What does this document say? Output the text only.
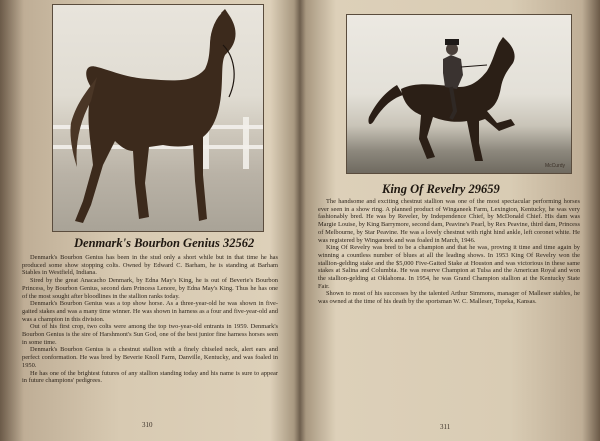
Denmark's Bourbon Genius 32562

Denmark's Bourbon Genius has been in the stud only a short while but in that time he has produced some show stopping colts. Owned by Edward C. Barham, he is standing at Barham Stables in Westfield, Indiana.

Sired by the great Anacacho Denmark, by Edna May's King, he is out of Beverie's Bourbon Princess, by Bourbon Genius, second dam Princess Lenore, by Edna May's King. Thus he has one of the most sought after bloodlines in the stallion ranks today.

Denmark's Bourbon Genius was a top show horse. As a three-year-old he was shown in five-gaited stakes and was a many time winner. He was shown in harness as a four and five-year-old and was a champion in this division.

Out of his first crop, two colts were among the top two-year-old entrants in 1959. Denmark's Bourbon Genius is the sire of Harshmont's Sun God, one of the best junior fine harness horses seen in some time.

Denmark's Bourbon Genius is a chestnut stallion with a finely chiseled neck, alert ears and perfect conformation. He was bred by Beverie Knoll Farm, Danville, Kentucky, and was foaled in 1950.

He has one of the brightest futures of any stallion standing today and his name is sure to appear in future champions' pedigrees.

310
McCurdy
King Of Revelry 29659

The handsome and exciting chestnut stallion was one of the most spectacular performing horses ever seen in a show ring. A planned product of Winganeek Farm, Lexington, Kentucky, he was very fashionably bred. He was by Reveler, by Independence Chief, by McDonald Chief. His dam was Margie Louise, by King Barrymore, second dam, Peavine's Pearl, by Rex Peavine, third dam, Princess of Melbourne, by Star Peavine. He was a lovely chestnut with right hind ankle, left coronet white. He was registered by Winganeek and was foaled in March, 1946.

King Of Revelry was bred to be a champion and that he was, proving it time and time again by winning a countless number of blues at all the leading shows. In 1953 King Of Revelry won the stallion-gelding stake and the $5,000 Five-Gaited Stake at Houston and was victorious in these same stakes at Salina and Columbia. He was reserve Champion at Tulsa and the American Royal and won the stallion-gelding at Oklahoma. In 1954, he was Grand Champion stallion at the Kentucky State Fair.

Shown to most of his successes by the talented Arthur Simmons, manager of Malleser stables, he was owned at the time of his death by the sportsman W. C. Malleser, Topeka, Kansas.

311
